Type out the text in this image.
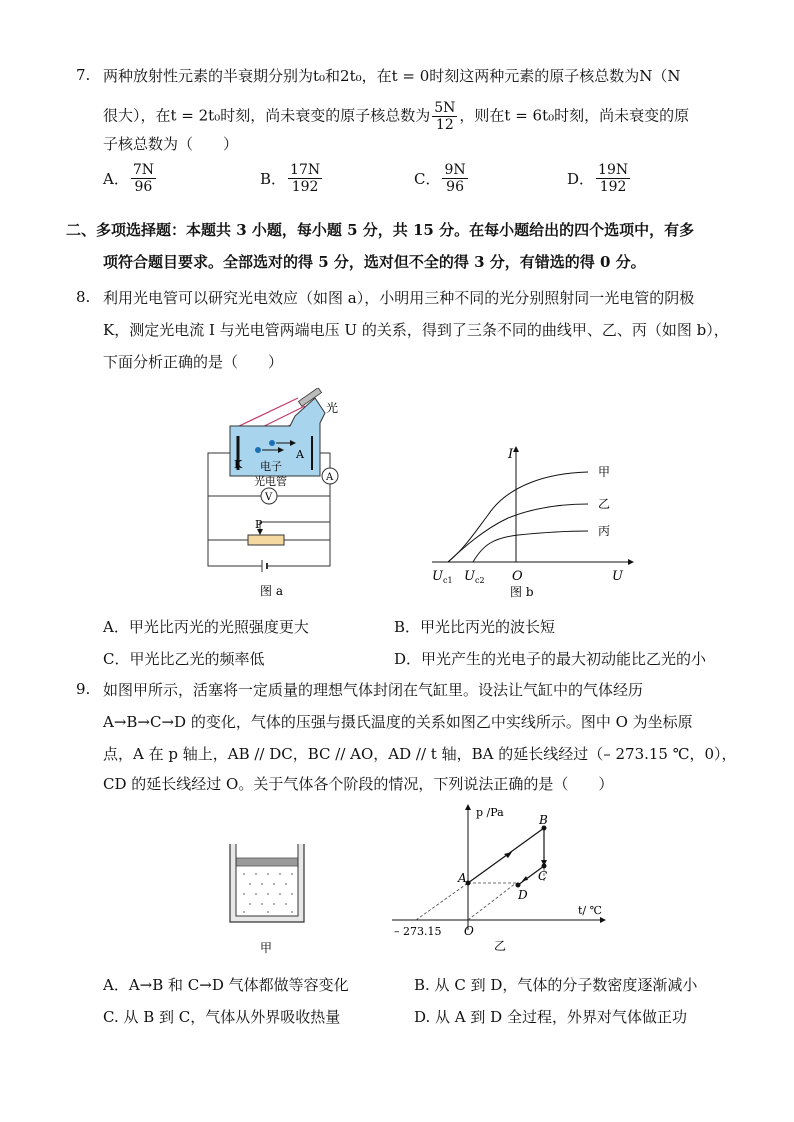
7. 两种放射性元素的半衰期分别为t₀和2t₀，在t = 0时刻这两种元素的原子核总数为N（N
很大），在t = 2t₀时刻，尚未衰变的原子核总数为 $\frac{5N}{12}$ ，则在t = 6t₀时刻，尚未衰变的原
子核总数为（　　）
A． $\frac{7N}{96}$	B． $\frac{17N}{192}$	C． $\frac{9N}{96}$	D． $\frac{19N}{192}$
二、多项选择题：本题共 3 小题，每小题 5 分，共 15 分。在每小题给出的四个选项中，有多
项符合题目要求。全部选对的得 5 分，选对但不全的得 3 分，有错选的得 0 分。
8. 利用光电管可以研究光电效应（如图 a），小明用三种不同的光分别照射同一光电管的阴极
K，测定光电流 I 与光电管两端电压 U 的关系，得到了三条不同的曲线甲、乙、丙（如图 b），
下面分析正确的是（　　）
光
K
A
电子
光电管	A
V
P
图 a
I
U
O
甲
乙
丙
$U_{c1}$ $U_{c2}$
图 b
A．甲光比丙光的光照强度更大	B．甲光比丙光的波长短
C．甲光比乙光的频率低	D．甲光产生的光电子的最大初动能比乙光的小
9. 如图甲所示，活塞将一定质量的理想气体封闭在气缸里。设法让气缸中的气体经历
A→B→C→D 的变化，气体的压强与摄氏温度的关系如图乙中实线所示。图中 O 为坐标原
点，A 在 p 轴上，AB // DC，BC // AO，AD // t 轴，BA 的延长线经过（– 273.15 ℃，0），
CD 的延长线经过 O。关于气体各个阶段的情况，下列说法正确的是（　　）
甲
p /Pa
t/ ℃
O
– 273.15
A
B
C
D
乙
A．A→B 和 C→D 气体都做等容变化	B. 从 C 到 D，气体的分子数密度逐渐减小
C. 从 B 到 C，气体从外界吸收热量	D. 从 A 到 D 全过程，外界对气体做正功
